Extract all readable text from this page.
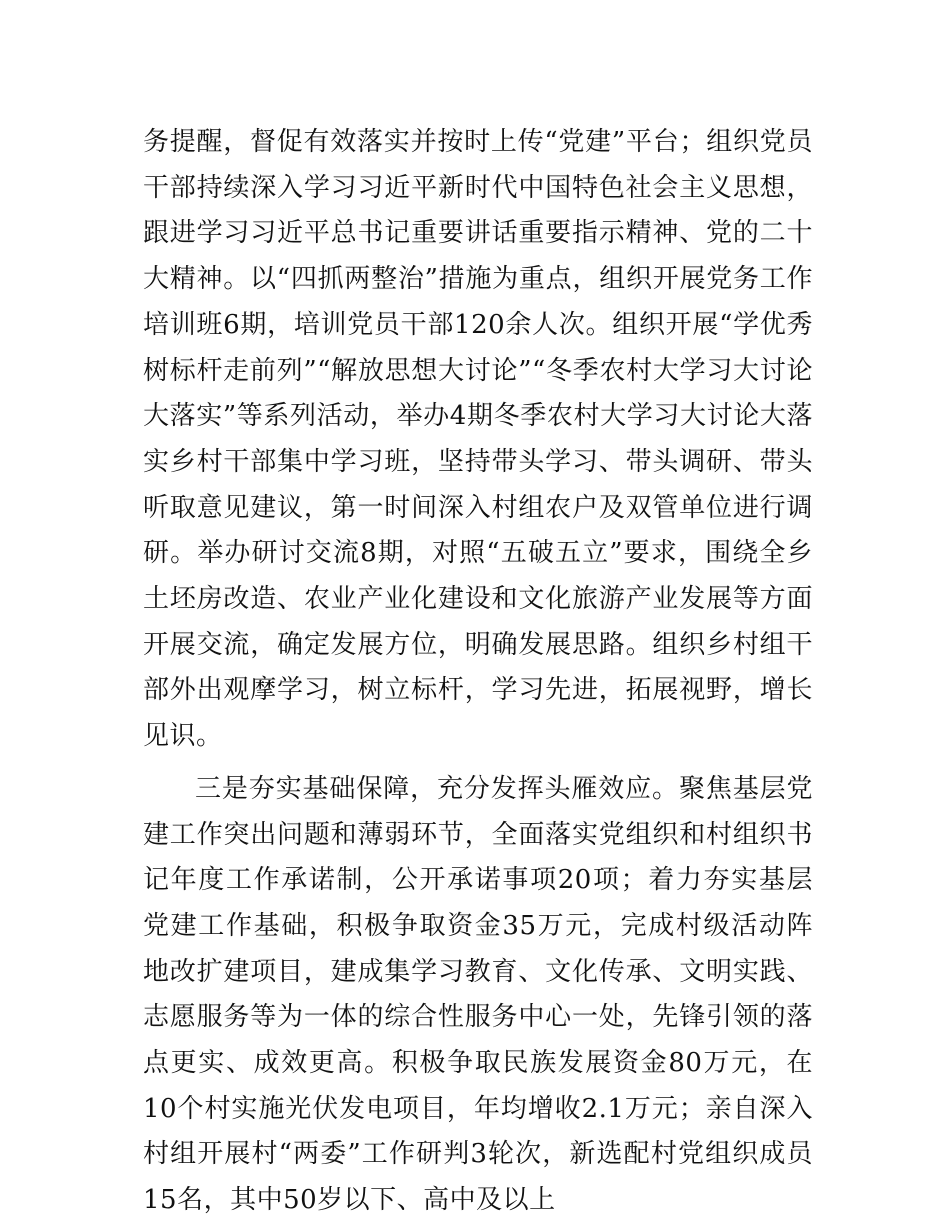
务提醒，督促有效落实并按时上传“党建”平台；组织党员干部持续深入学习习近平新时代中国特色社会主义思想，跟进学习习近平总书记重要讲话重要指示精神、党的二十大精神。以“四抓两整治”措施为重点，组织开展党务工作培训班6期，培训党员干部120余人次。组织开展“学优秀树标杆走前列”“解放思想大讨论”“冬季农村大学习大讨论大落实”等系列活动，举办4期冬季农村大学习大讨论大落实乡村干部集中学习班，坚持带头学习、带头调研、带头听取意见建议，第一时间深入村组农户及双管单位进行调研。举办研讨交流8期，对照“五破五立”要求，围绕全乡土坯房改造、农业产业化建设和文化旅游产业发展等方面开展交流，确定发展方位，明确发展思路。组织乡村组干部外出观摩学习，树立标杆，学习先进，拓展视野，增长见识。

三是夯实基础保障，充分发挥头雁效应。聚焦基层党建工作突出问题和薄弱环节，全面落实党组织和村组织书记年度工作承诺制，公开承诺事项20项；着力夯实基层党建工作基础，积极争取资金35万元，完成村级活动阵地改扩建项目，建成集学习教育、文化传承、文明实践、志愿服务等为一体的综合性服务中心一处，先锋引领的落点更实、成效更高。积极争取民族发展资金80万元，在10个村实施光伏发电项目，年均增收2.1万元；亲自深入村组开展村“两委”工作研判3轮次，新选配村党组织成员15名，其中50岁以下、高中及以上
